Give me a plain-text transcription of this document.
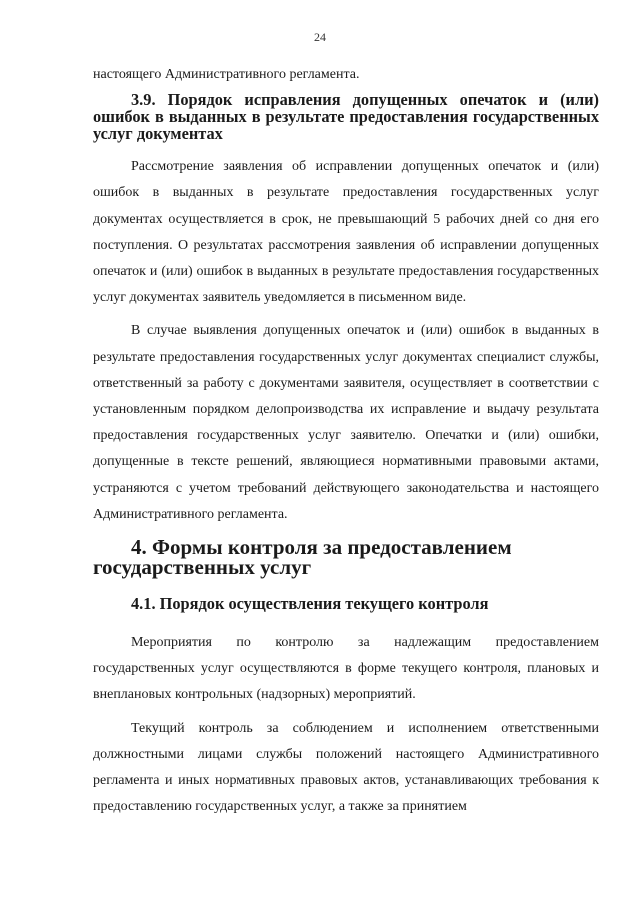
24

настоящего Административного регламента.

3.9. Порядок исправления допущенных опечаток и (или) ошибок в выданных в результате предоставления государственных услуг документах

Рассмотрение заявления об исправлении допущенных опечаток и (или) ошибок в выданных в результате предоставления государственных услуг документах осуществляется в срок, не превышающий 5 рабочих дней со дня его поступления. О результатах рассмотрения заявления об исправлении допущенных опечаток и (или) ошибок в выданных в результате предоставления государственных услуг документах заявитель уведомляется в письменном виде.

В случае выявления допущенных опечаток и (или) ошибок в выданных в результате предоставления государственных услуг документах специалист службы, ответственный за работу с документами заявителя, осуществляет в соответствии с установленным порядком делопроизводства их исправление и выдачу результата предоставления государственных услуг заявителю. Опечатки и (или) ошибки, допущенные в тексте решений, являющиеся нормативными правовыми актами, устраняются с учетом требований действующего законодательства и настоящего Административного регламента.

4. Формы контроля за предоставлением государственных услуг
4.1. Порядок осуществления текущего контроля

Мероприятия по контролю за надлежащим предоставлением государственных услуг осуществляются в форме текущего контроля, плановых и внеплановых контрольных (надзорных) мероприятий.

Текущий контроль за соблюдением и исполнением ответственными должностными лицами службы положений настоящего Административного регламента и иных нормативных правовых актов, устанавливающих требования к предоставлению государственных услуг, а также за принятием
